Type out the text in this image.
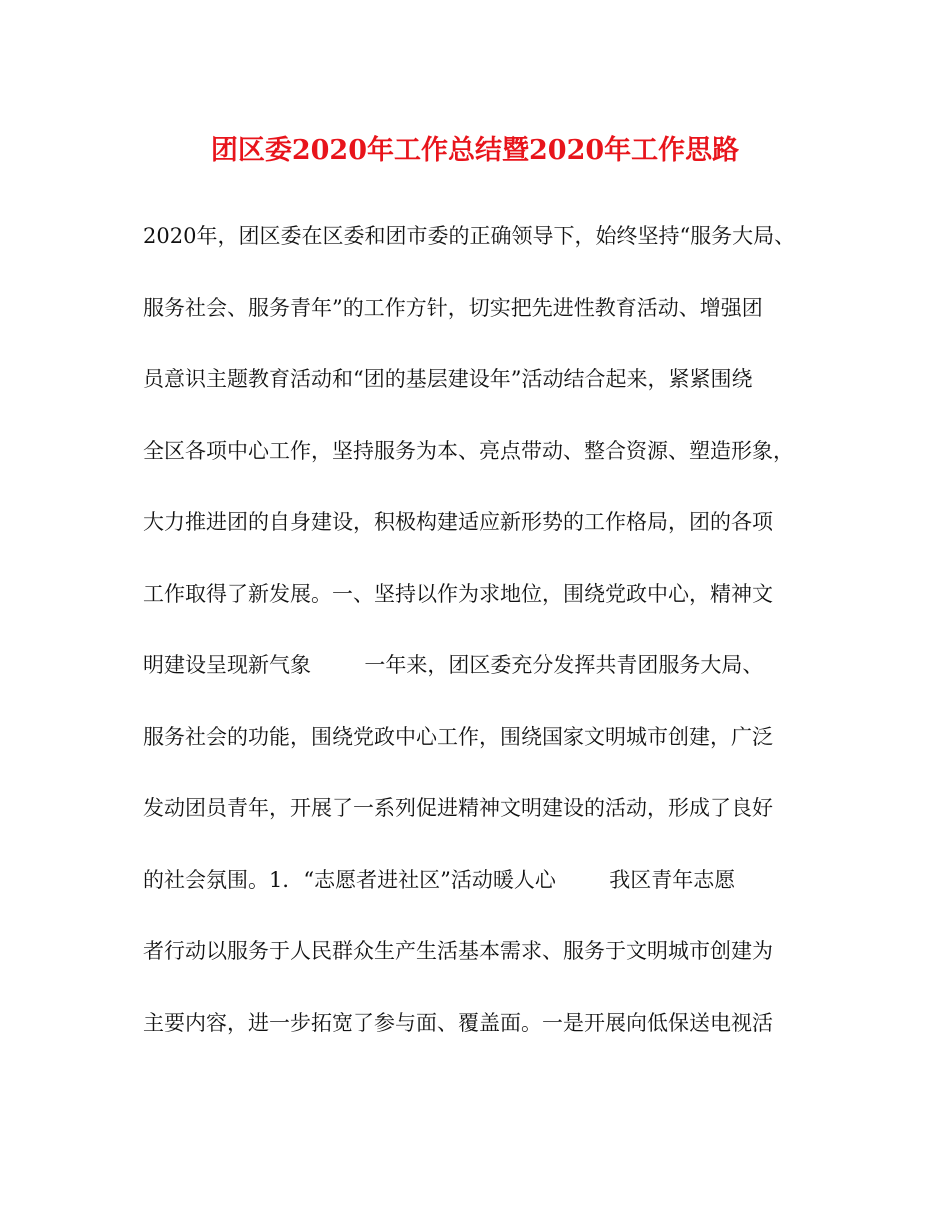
团区委2020年工作总结暨2020年工作思路
2020年，团区委在区委和团市委的正确领导下，始终坚持“服务大局、
服务社会、服务青年”的工作方针，切实把先进性教育活动、增强团
员意识主题教育活动和“团的基层建设年”活动结合起来，紧紧围绕
全区各项中心工作，坚持服务为本、亮点带动、整合资源、塑造形象，
大力推进团的自身建设，积极构建适应新形势的工作格局，团的各项
工作取得了新发展。一、坚持以作为求地位，围绕党政中心，精神文
明建设呈现新气象        一年来，团区委充分发挥共青团服务大局、
服务社会的功能，围绕党政中心工作，围绕国家文明城市创建，广泛
发动团员青年，开展了一系列促进精神文明建设的活动，形成了良好
的社会氛围。1．“志愿者进社区”活动暖人心        我区青年志愿
者行动以服务于人民群众生产生活基本需求、服务于文明城市创建为
主要内容，进一步拓宽了参与面、覆盖面。一是开展向低保送电视活
